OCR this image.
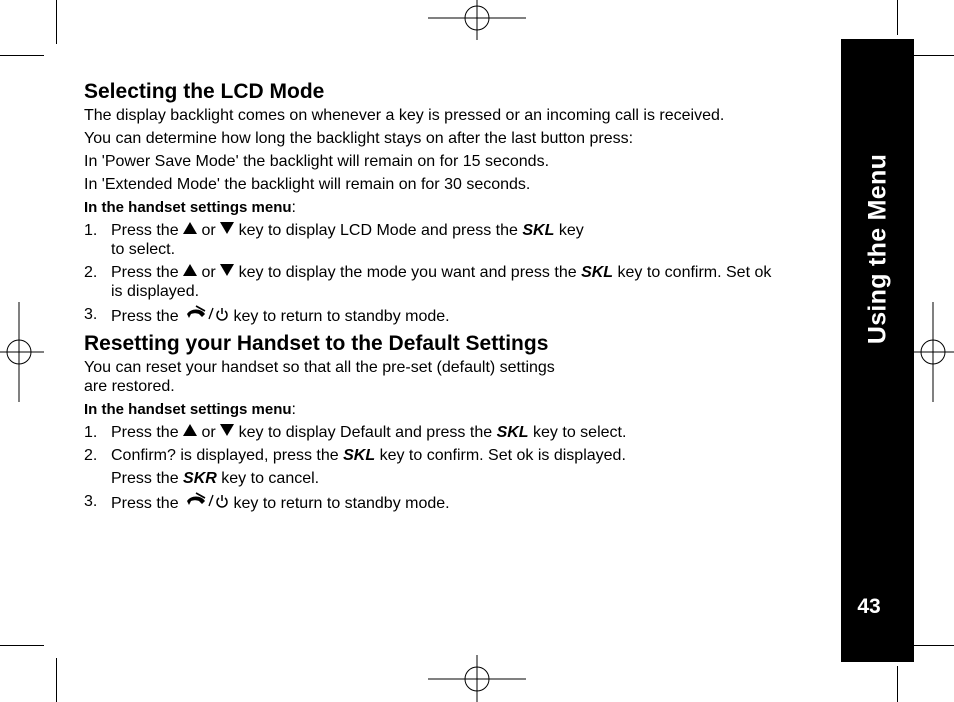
Using the Menu
43
Selecting the LCD Mode

The display backlight comes on whenever a key is pressed or an incoming call is received.

You can determine how long the backlight stays on after the last button press:

In 'Power Save Mode' the backlight will remain on for 15 seconds.

In 'Extended Mode' the backlight will remain on for 30 seconds.

In the handset settings menu:

1. Press the or key to display LCD Mode and press the SKL key
to select.
2. Press the or key to display the mode you want and press the SKL key to confirm. Set ok is displayed.
3. Press the	key to return to standby mode.
Resetting your Handset to the Default Settings

You can reset your handset so that all the pre-set (default) settings

are restored.

In the handset settings menu:

1. Press the or key to display Default and press the SKL key to select.
2. Confirm? is displayed, press the SKL key to confirm. Set ok is displayed.
Press the SKR key to cancel.
3. Press the	key to return to standby mode.
